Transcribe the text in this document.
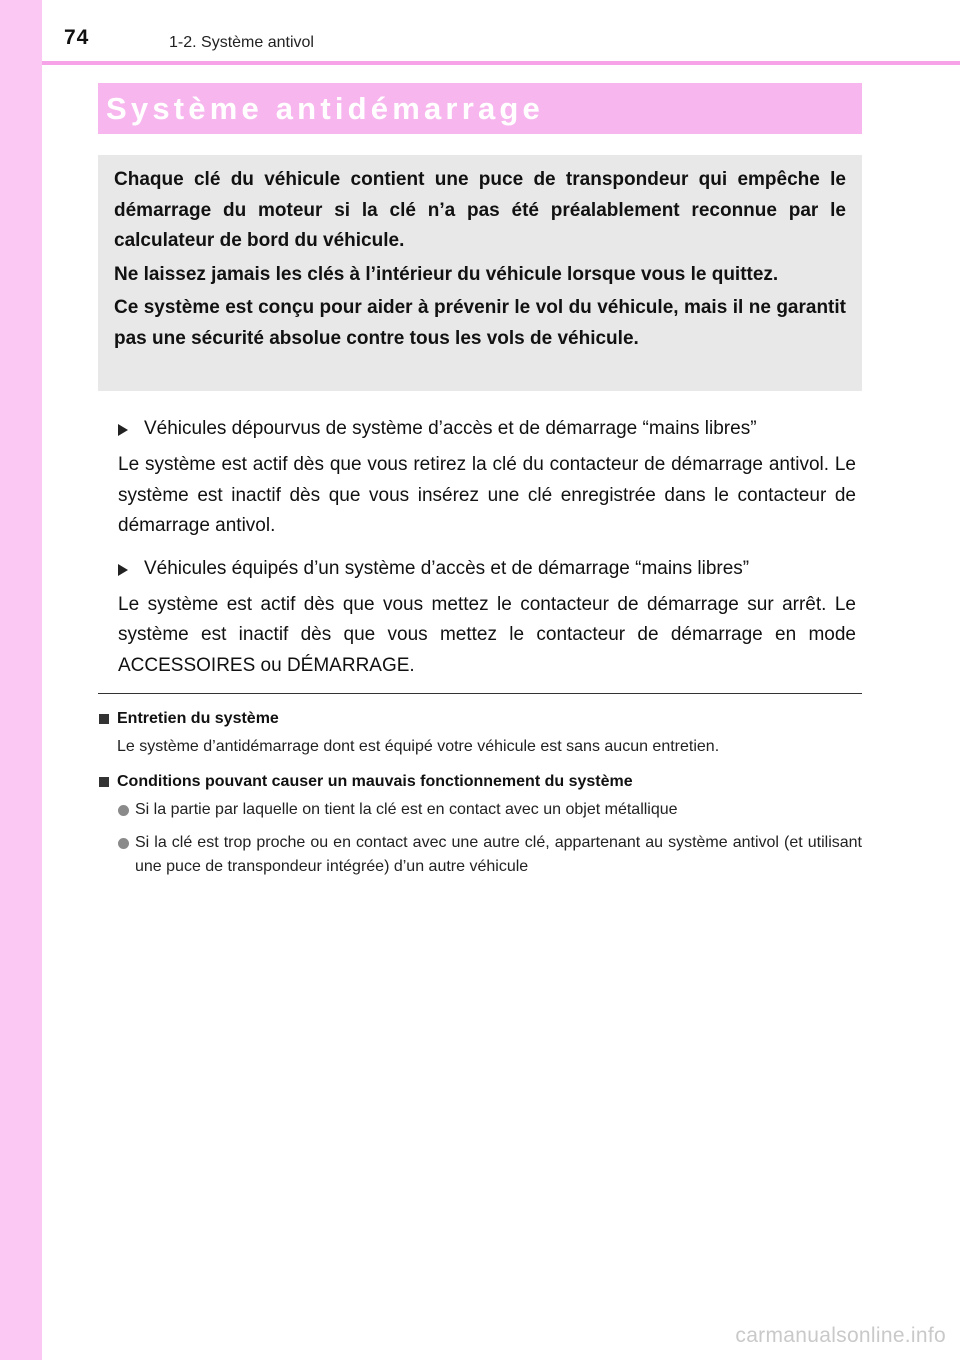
74	1-2. Système antivol
Système antidémarrage

Chaque clé du véhicule contient une puce de transpondeur qui empêche le démarrage du moteur si la clé n’a pas été préalablement reconnue par le calculateur de bord du véhicule.

Ne laissez jamais les clés à l’intérieur du véhicule lorsque vous le quittez.

Ce système est conçu pour aider à prévenir le vol du véhicule, mais il ne garantit pas une sécurité absolue contre tous les vols de véhicule.

Véhicules dépourvus de système d’accès et de démarrage “mains libres”

Le système est actif dès que vous retirez la clé du contacteur de démarrage antivol. Le système est inactif dès que vous insérez une clé enregistrée dans le contacteur de démarrage antivol.

Véhicules équipés d’un système d’accès et de démarrage “mains libres”

Le système est actif dès que vous mettez le contacteur de démarrage sur arrêt. Le système est inactif dès que vous mettez le contacteur de démarrage en mode ACCESSOIRES ou DÉMARRAGE.

Entretien du système

Le système d’antidémarrage dont est équipé votre véhicule est sans aucun entretien.

Conditions pouvant causer un mauvais fonctionnement du système
Si la partie par laquelle on tient la clé est en contact avec un objet métallique
Si la clé est trop proche ou en contact avec une autre clé, appartenant au système antivol (et utilisant une puce de transpondeur intégrée) d’un autre véhicule
carmanualsonline.info
